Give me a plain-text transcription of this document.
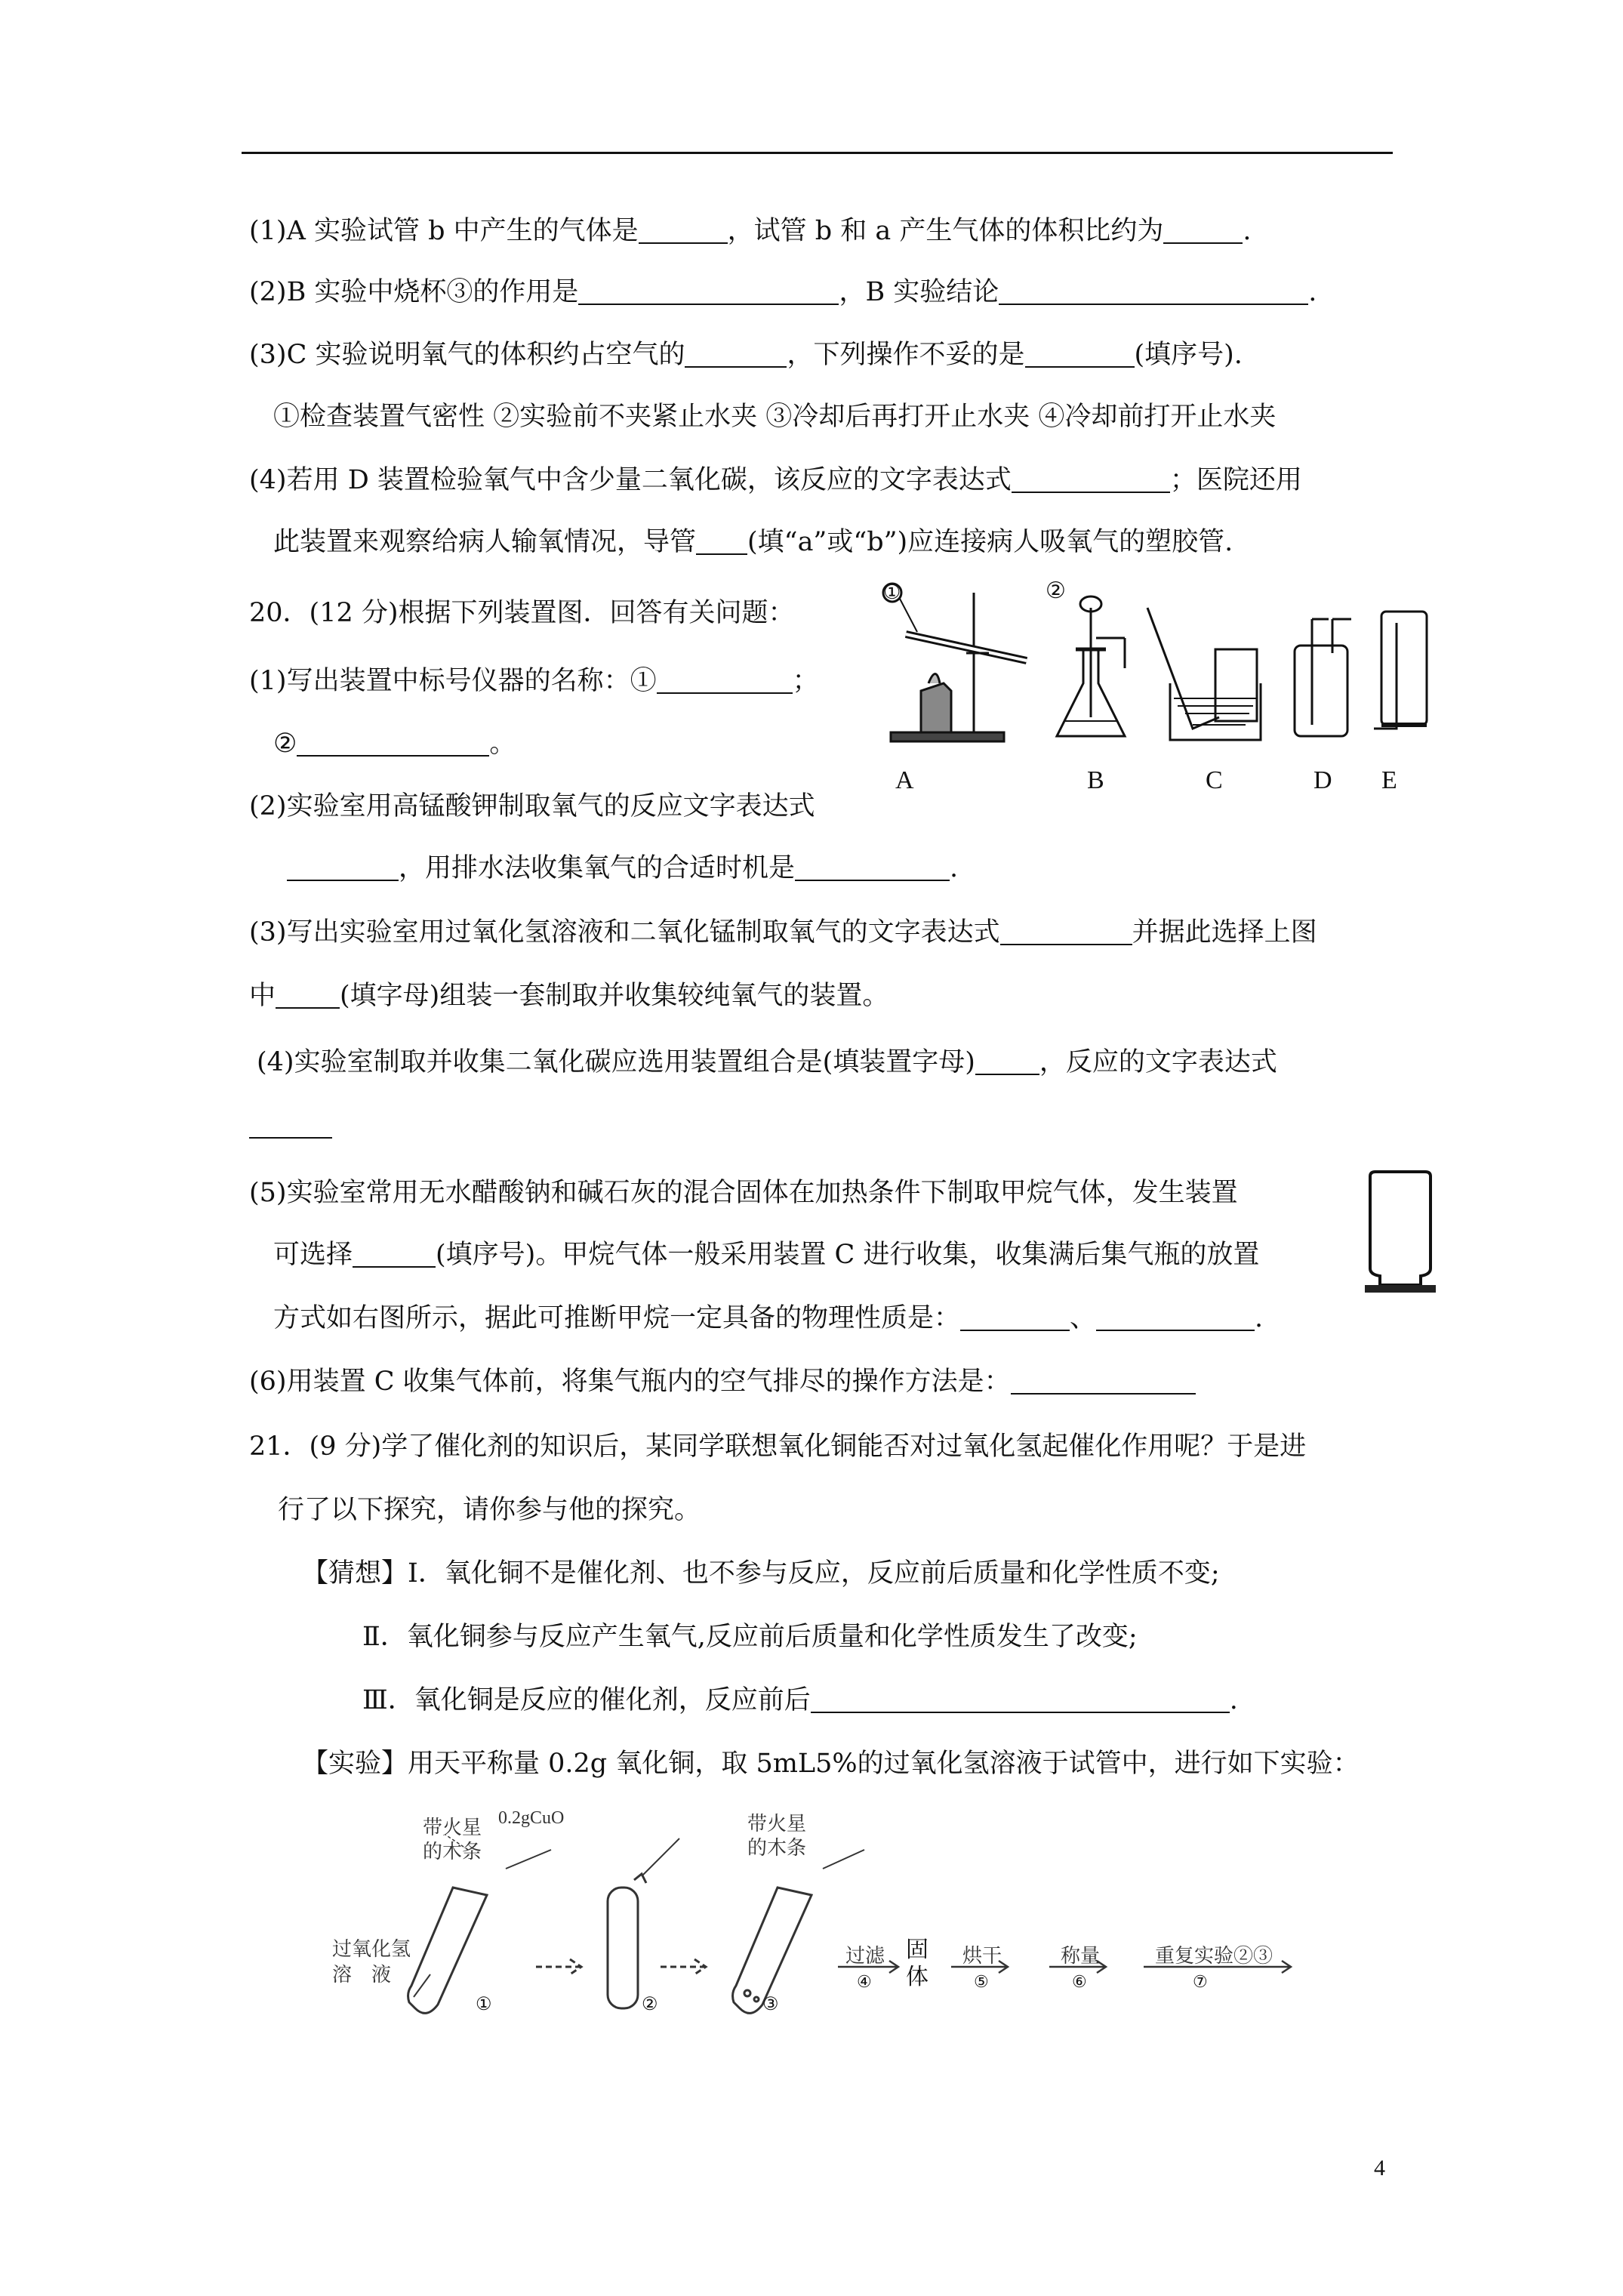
(1)A 实验试管 b 中产生的气体是	，试管 b 和 a 产生气体的体积比约为	.
(2)B 实验中烧杯③的作用是	，B 实验结论	.
(3)C 实验说明氧气的体积约占空气的	，下列操作不妥的是	(填序号).
①检查装置气密性 ②实验前不夹紧止水夹 ③冷却后再打开止水夹 ④冷却前打开止水夹
(4)若用 D 装置检验氧气中含少量二氧化碳，该反应的文字表达式	；医院还用
此装置来观察给病人输氧情况，导管 (填“a”或“b”)应连接病人吸氧气的塑胶管.
20．(12 分)根据下列装置图．回答有关问题：
(1)写出装置中标号仪器的名称：①	；
②	。
①	②
A	B	C	D E
(2)实验室用高锰酸钾制取氧气的反应文字表达式
，用排水法收集氧气的合适时机是	.
(3)写出实验室用过氧化氢溶液和二氧化锰制取氧气的文字表达式	并据此选择上图
中 (填字母)组装一套制取并收集较纯氧气的装置。
(4)实验室制取并收集二氧化碳应选用装置组合是(填装置字母) ，反应的文字表达式
(5)实验室常用无水醋酸钠和碱石灰的混合固体在加热条件下制取甲烷气体，发生装置
可选择	(填序号)。甲烷气体一般采用装置 C 进行收集，收集满后集气瓶的放置
方式如右图所示，据此可推断甲烷一定具备的物理性质是：	、	.
(6)用装置 C 收集气体前，将集气瓶内的空气排尽的操作方法是：
21．(9 分)学了催化剂的知识后，某同学联想氧化铜能否对过氧化氢起催化作用呢？于是进
行了以下探究，请你参与他的探究。
【猜想】Ⅰ．氧化铜不是催化剂、也不参与反应，反应前后质量和化学性质不变;
Ⅱ．氧化铜参与反应产生氧气,反应前后质量和化学性质发生了改变;
Ⅲ．氧化铜是反应的催化剂，反应前后	.
【实验】用天平称量 0.2g 氧化铜，取 5mL5%的过氧化氢溶液于试管中，进行如下实验：
0.2gCuO
带火星
的木条
带火星
的木条
过氧化氢
溶　液
①	②	③
过滤
④
固
体
烘干
⑤
称量
⑥
重复实验②③
⑦
4
